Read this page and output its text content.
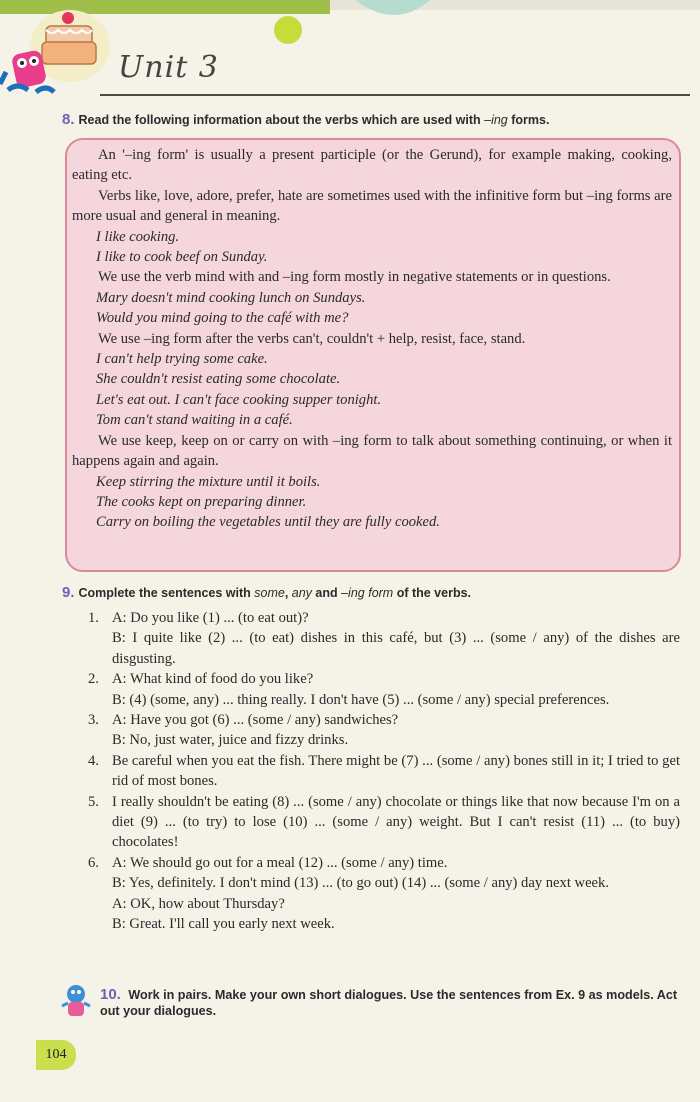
Unit 3
8. Read the following information about the verbs which are used with –ing forms.

An '–ing form' is usually a present participle (or the Gerund), for example making, cooking, eating etc.

Verbs like, love, adore, prefer, hate are sometimes used with the infinitive form but –ing forms are more usual and general in meaning.

I like cooking.

I like to cook beef on Sunday.

We use the verb mind with and –ing form mostly in negative statements or in questions.

Mary doesn't mind cooking lunch on Sundays.

Would you mind going to the café with me?

We use –ing form after the verbs can't, couldn't + help, resist, face, stand.

I can't help trying some cake.

She couldn't resist eating some chocolate.

Let's eat out. I can't face cooking supper tonight.

Tom can't stand waiting in a café.

We use keep, keep on or carry on with –ing form to talk about something continuing, or when it happens again and again.

Keep stirring the mixture until it boils.

The cooks kept on preparing dinner.

Carry on boiling the vegetables until they are fully cooked.

9. Complete the sentences with some, any and –ing form of the verbs.

1. A: Do you like (1) ... (to eat out)?

B: I quite like (2) ... (to eat) dishes in this café, but (3) ... (some / any) of the dishes are disgusting.

2. A: What kind of food do you like?

B: (4) (some, any) ... thing really. I don't have (5) ... (some / any) special preferences.

3. A: Have you got (6) ... (some / any) sandwiches?

B: No, just water, juice and fizzy drinks.

4. Be careful when you eat the fish. There might be (7) ... (some / any) bones still in it; I tried to get rid of most bones.

5. I really shouldn't be eating (8) ... (some / any) chocolate or things like that now because I'm on a diet (9) ... (to try) to lose (10) ... (some / any) weight. But I can't resist (11) ... (to buy) chocolates!

6. A: We should go out for a meal (12) ... (some / any) time.

B: Yes, definitely. I don't mind (13) ... (to go out) (14) ... (some / any) day next week.

A: OK, how about Thursday?

B: Great. I'll call you early next week.

10. Work in pairs. Make your own short dialogues. Use the sentences from Ex. 9 as models. Act out your dialogues.
104
